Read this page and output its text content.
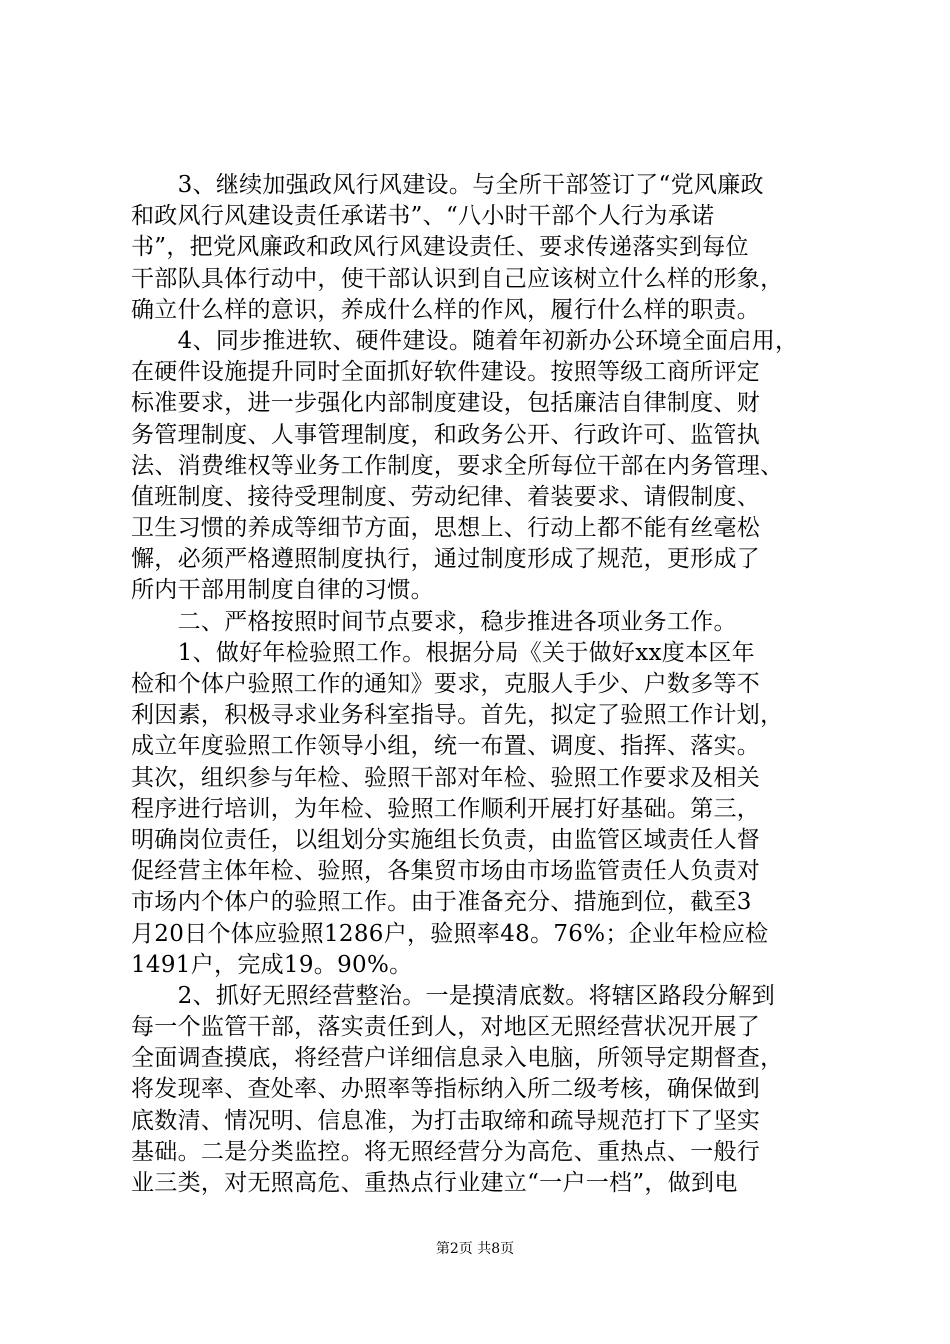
　　3、继续加强政风行风建设。与全所干部签订了“党风廉政
和政风行风建设责任承诺书”、“八小时干部个人行为承诺
书”，把党风廉政和政风行风建设责任、要求传递落实到每位
干部队具体行动中，使干部认识到自己应该树立什么样的形象，
确立什么样的意识，养成什么样的作风，履行什么样的职责。
　　4、同步推进软、硬件建设。随着年初新办公环境全面启用，
在硬件设施提升同时全面抓好软件建设。按照等级工商所评定
标准要求，进一步强化内部制度建设，包括廉洁自律制度、财
务管理制度、人事管理制度，和政务公开、行政许可、监管执
法、消费维权等业务工作制度，要求全所每位干部在内务管理、
值班制度、接待受理制度、劳动纪律、着装要求、请假制度、
卫生习惯的养成等细节方面，思想上、行动上都不能有丝毫松
懈，必须严格遵照制度执行，通过制度形成了规范，更形成了
所内干部用制度自律的习惯。
　　二、严格按照时间节点要求，稳步推进各项业务工作。
　　1、做好年检验照工作。根据分局《关于做好xx度本区年
检和个体户验照工作的通知》要求，克服人手少、户数多等不
利因素，积极寻求业务科室指导。首先，拟定了验照工作计划，
成立年度验照工作领导小组，统一布置、调度、指挥、落实。
其次，组织参与年检、验照干部对年检、验照工作要求及相关
程序进行培训，为年检、验照工作顺利开展打好基础。第三，
明确岗位责任，以组划分实施组长负责，由监管区域责任人督
促经营主体年检、验照，各集贸市场由市场监管责任人负责对
市场内个体户的验照工作。由于准备充分、措施到位，截至3
月20日个体应验照1286户，验照率48。76%；企业年检应检
1491户，完成19。90%。
　　2、抓好无照经营整治。一是摸清底数。将辖区路段分解到
每一个监管干部，落实责任到人，对地区无照经营状况开展了
全面调查摸底，将经营户详细信息录入电脑，所领导定期督查，
将发现率、查处率、办照率等指标纳入所二级考核，确保做到
底数清、情况明、信息准，为打击取缔和疏导规范打下了坚实
基础。二是分类监控。将无照经营分为高危、重热点、一般行
业三类，对无照高危、重热点行业建立“一户一档”，做到电
第2页 共8页
